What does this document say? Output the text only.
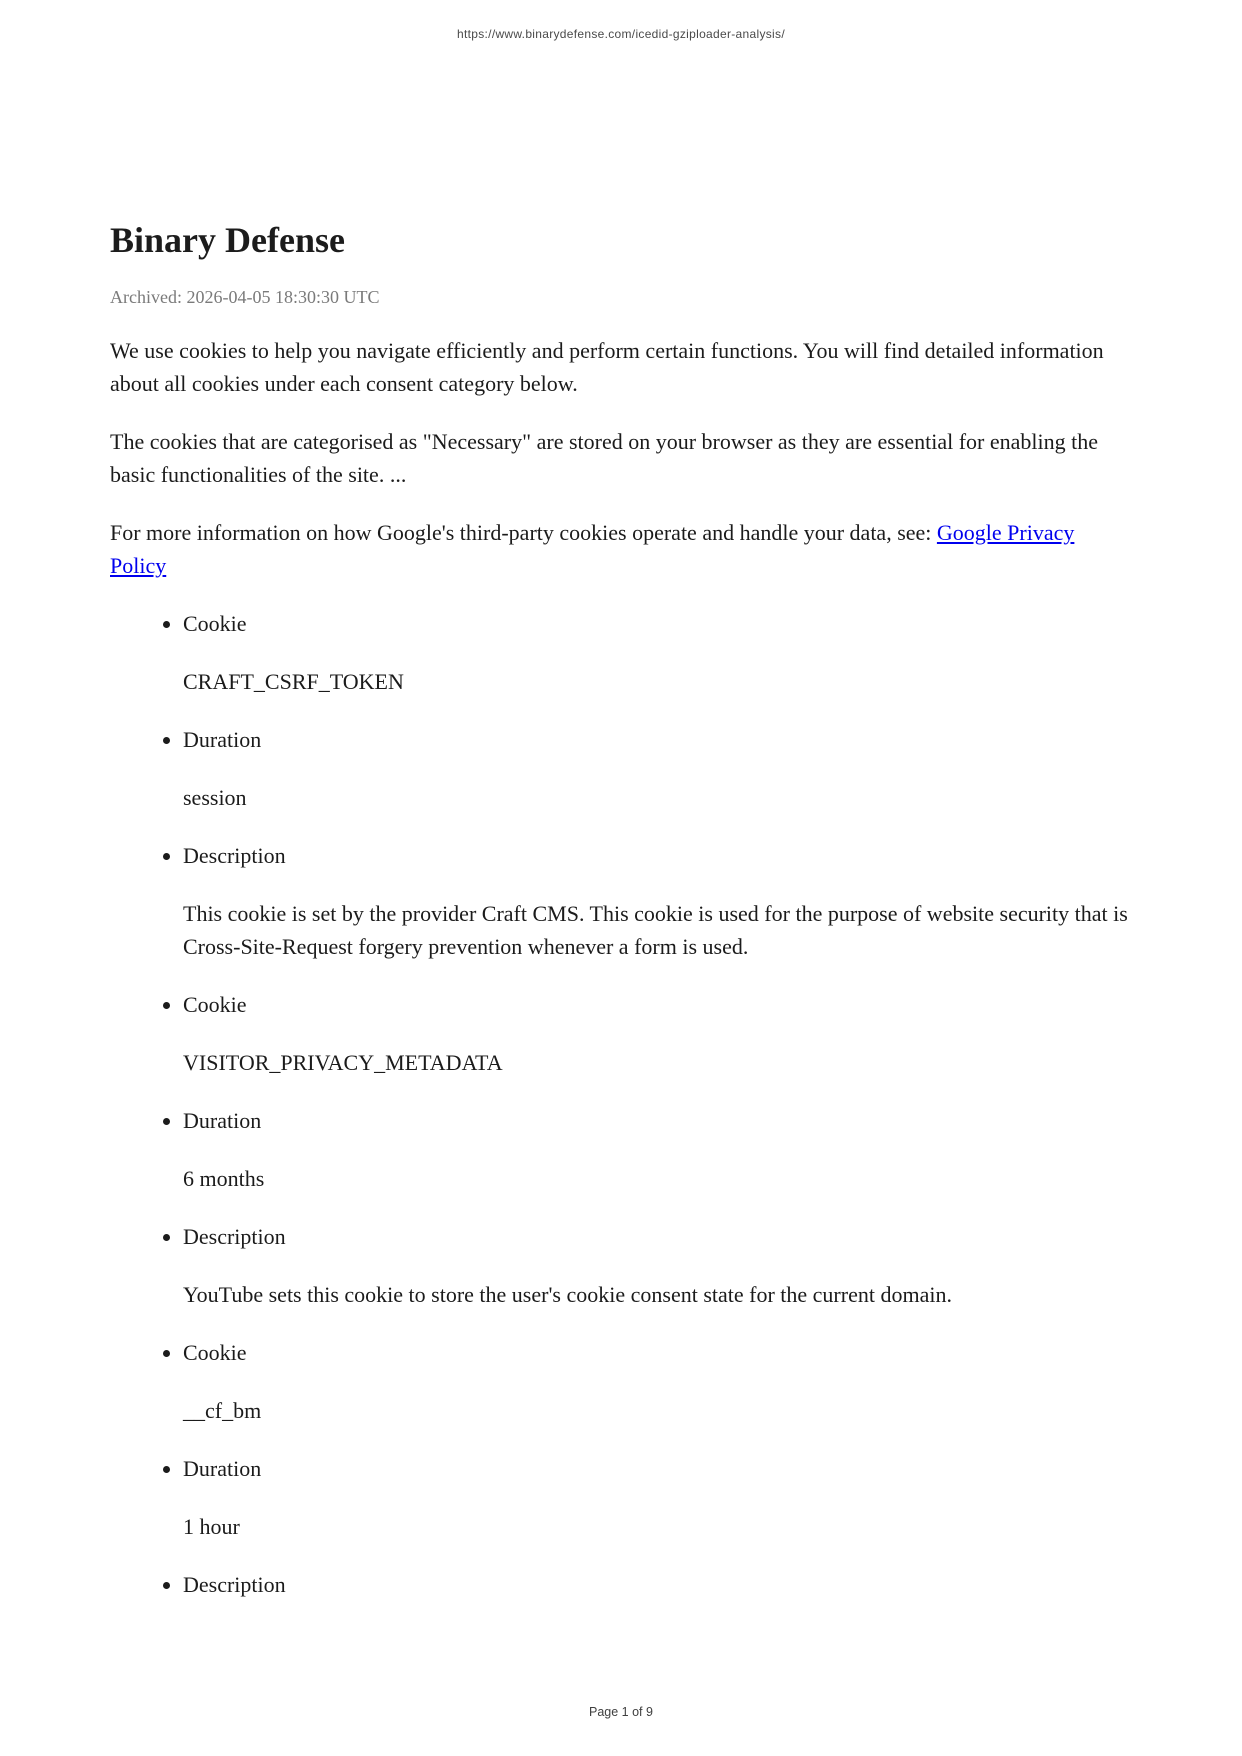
https://www.binarydefense.com/icedid-gziploader-analysis/
Binary Defense

Archived: 2026-04-05 18:30:30 UTC

We use cookies to help you navigate efficiently and perform certain functions. You will find detailed information about all cookies under each consent category below.

The cookies that are categorised as "Necessary" are stored on your browser as they are essential for enabling the basic functionalities of the site. ...

For more information on how Google's third-party cookies operate and handle your data, see: Google Privacy Policy

• Cookie

CRAFT_CSRF_TOKEN

• Duration

session

• Description

This cookie is set by the provider Craft CMS. This cookie is used for the purpose of website security that is Cross-Site-Request forgery prevention whenever a form is used.

• Cookie

VISITOR_PRIVACY_METADATA

• Duration

6 months

• Description

YouTube sets this cookie to store the user's cookie consent state for the current domain.

• Cookie

__cf_bm

• Duration

1 hour

• Description

Page 1 of 9
